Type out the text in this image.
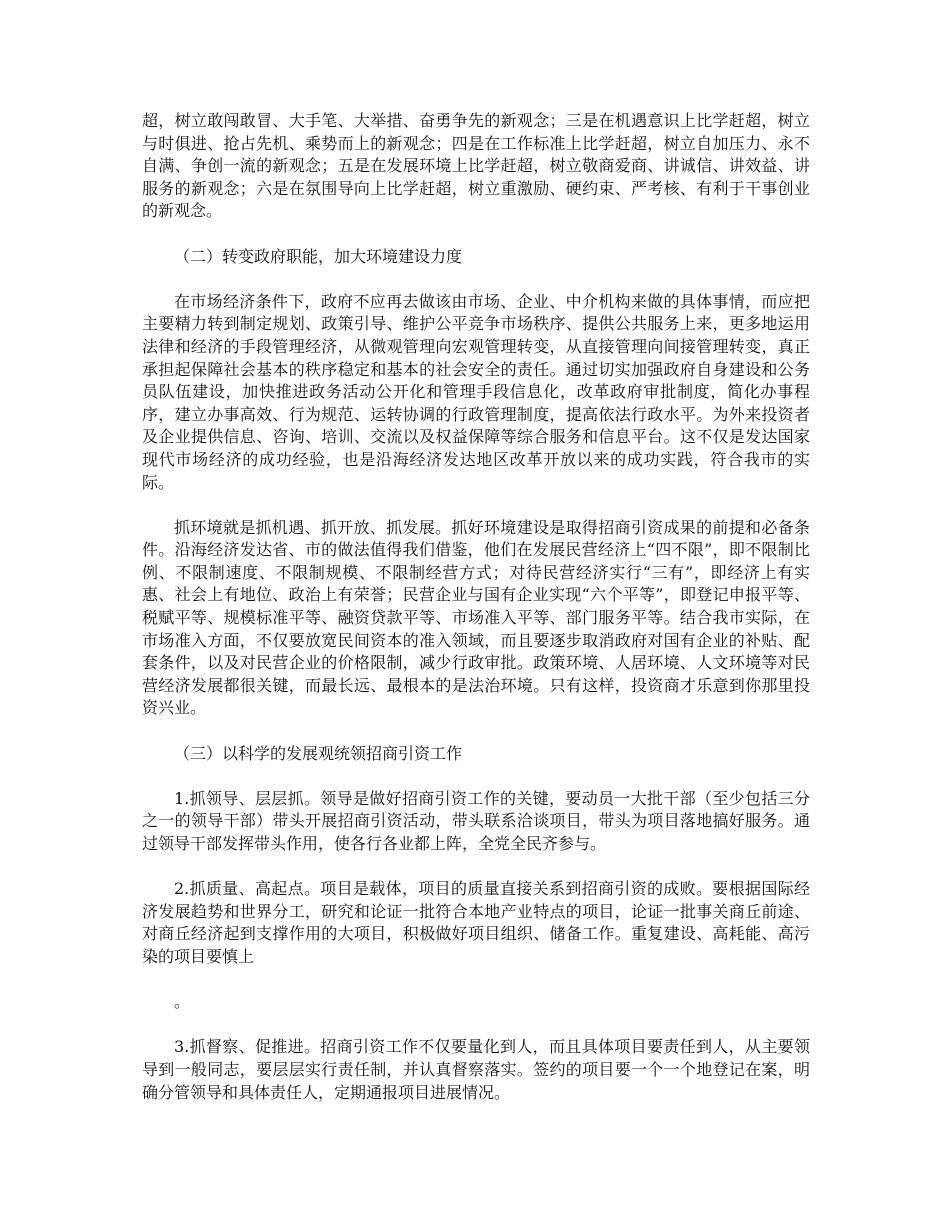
超，树立敢闯敢冒、大手笔、大举措、奋勇争先的新观念；三是在机遇意识上比学赶超，树立与时俱进、抢占先机、乘势而上的新观念；四是在工作标准上比学赶超，树立自加压力、永不自满、争创一流的新观念；五是在发展环境上比学赶超，树立敬商爱商、讲诚信、讲效益、讲服务的新观念；六是在氛围导向上比学赶超，树立重激励、硬约束、严考核、有利于干事创业的新观念。

（二）转变政府职能，加大环境建设力度

在市场经济条件下，政府不应再去做该由市场、企业、中介机构来做的具体事情，而应把主要精力转到制定规划、政策引导、维护公平竞争市场秩序、提供公共服务上来，更多地运用法律和经济的手段管理经济，从微观管理向宏观管理转变，从直接管理向间接管理转变，真正承担起保障社会基本的秩序稳定和基本的社会安全的责任。通过切实加强政府自身建设和公务员队伍建设，加快推进政务活动公开化和管理手段信息化，改革政府审批制度，简化办事程序，建立办事高效、行为规范、运转协调的行政管理制度，提高依法行政水平。为外来投资者及企业提供信息、咨询、培训、交流以及权益保障等综合服务和信息平台。这不仅是发达国家现代市场经济的成功经验，也是沿海经济发达地区改革开放以来的成功实践，符合我市的实际。

抓环境就是抓机遇、抓开放、抓发展。抓好环境建设是取得招商引资成果的前提和必备条件。沿海经济发达省、市的做法值得我们借鉴，他们在发展民营经济上“四不限”，即不限制比例、不限制速度、不限制规模、不限制经营方式；对待民营经济实行“三有”，即经济上有实惠、社会上有地位、政治上有荣誉；民营企业与国有企业实现“六个平等”，即登记申报平等、税赋平等、规模标准平等、融资贷款平等、市场准入平等、部门服务平等。结合我市实际，在市场准入方面，不仅要放宽民间资本的准入领域，而且要逐步取消政府对国有企业的补贴、配套条件，以及对民营企业的价格限制，减少行政审批。政策环境、人居环境、人文环境等对民营经济发展都很关键，而最长远、最根本的是法治环境。只有这样，投资商才乐意到你那里投资兴业。

（三）以科学的发展观统领招商引资工作

1.抓领导、层层抓。领导是做好招商引资工作的关键，要动员一大批干部（至少包括三分之一的领导干部）带头开展招商引资活动，带头联系洽谈项目，带头为项目落地搞好服务。通过领导干部发挥带头作用，使各行各业都上阵，全党全民齐参与。

2.抓质量、高起点。项目是载体，项目的质量直接关系到招商引资的成败。要根据国际经济发展趋势和世界分工，研究和论证一批符合本地产业特点的项目，论证一批事关商丘前途、对商丘经济起到支撑作用的大项目，积极做好项目组织、储备工作。重复建设、高耗能、高污染的项目要慎上

。

3.抓督察、促推进。招商引资工作不仅要量化到人，而且具体项目要责任到人，从主要领导到一般同志，要层层实行责任制，并认真督察落实。签约的项目要一个一个地登记在案，明确分管领导和具体责任人，定期通报项目进展情况。
